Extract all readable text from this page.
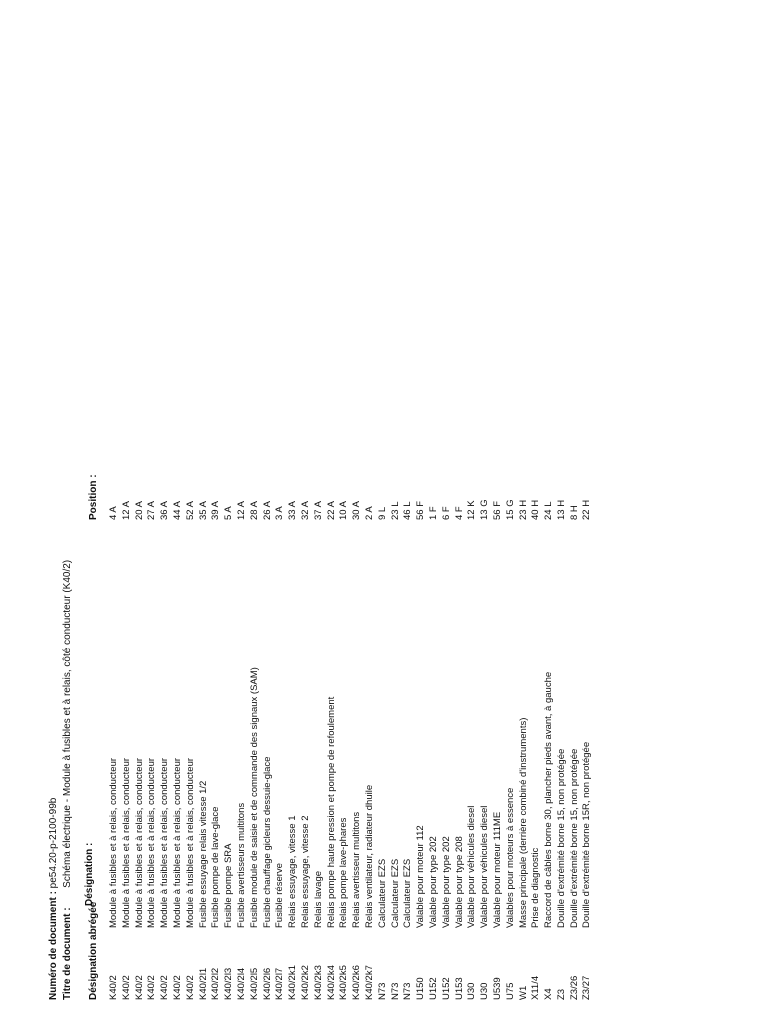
Numéro de document : pe54.20-p-2100-99b
Titre de document :  Schéma électrique - Module à fusibles et à relais, côté conducteur (K40/2)
Désignation abrégée
Désignation :
Position :
K40/2
Module à fusibles et à relais, conducteur
4 A
K40/2
Module à fusibles et à relais, conducteur
12 A
K40/2
Module à fusibles et à relais, conducteur
20 A
K40/2
Module à fusibles et à relais, conducteur
27 A
K40/2
Module à fusibles et à relais, conducteur
36 A
K40/2
Module à fusibles et à relais, conducteur
44 A
K40/2
Module à fusibles et à relais, conducteur
52 A
K40/2l1
Fusible essuyage relais vitesse 1/2
35 A
K40/2l2
Fusible pompe de lave-glace
39 A
K40/2l3
Fusible pompe SRA
5 A
K40/2l4
Fusible avertisseurs multitons
12 A
K40/2l5
Fusible module de saisie et de commande des signaux (SAM)
28 A
K40/2l6
Fusible chauffage gicleurs dessuie-glace
26 A
K40/2l7
Fusible réserve
3 A
K40/2k1
Relais essuyage, vitesse 1
33 A
K40/2k2
Relais essuyage, vitesse 2
32 A
K40/2k3
Relais lavage
37 A
K40/2k4
Relais pompe haute pression et pompe de refoulement
22 A
K40/2k5
Relais pompe lave-phares
10 A
K40/2k6
Relais avertisseur multitons
30 A
K40/2k7
Relais ventilateur, radiateur dhuile
2 A
N73
Calculateur EZS
9 L
N73
Calculateur EZS
23 L
N73
Calculateur EZS
46 L
U150
Valable pour moteur 112
56 F
U152
Valable pour type 202
1 F
U152
Valable pour type 202
6 F
U153
Valable pour type 208
4 F
U30
Valable pour véhicules diesel
12 K
U30
Valable pour véhicules diesel
13 G
U539
Valable pour moteur 111ME
56 F
U75
Valables pour moteurs à essence
15 G
W1
Masse principale (derrière combiné d'instruments)
23 H
X11/4
Prise de diagnostic
40 H
X4
Raccord de câbles borne 30, plancher pieds avant, à gauche
24 L
Z3
Douille d'extrémité borne 15, non protégée
13 H
Z3/26
Douille d'extrémité borne 15, non protégée
8 H
Z3/27
Douille d'extrémité borne 15R, non protégée
22 H
